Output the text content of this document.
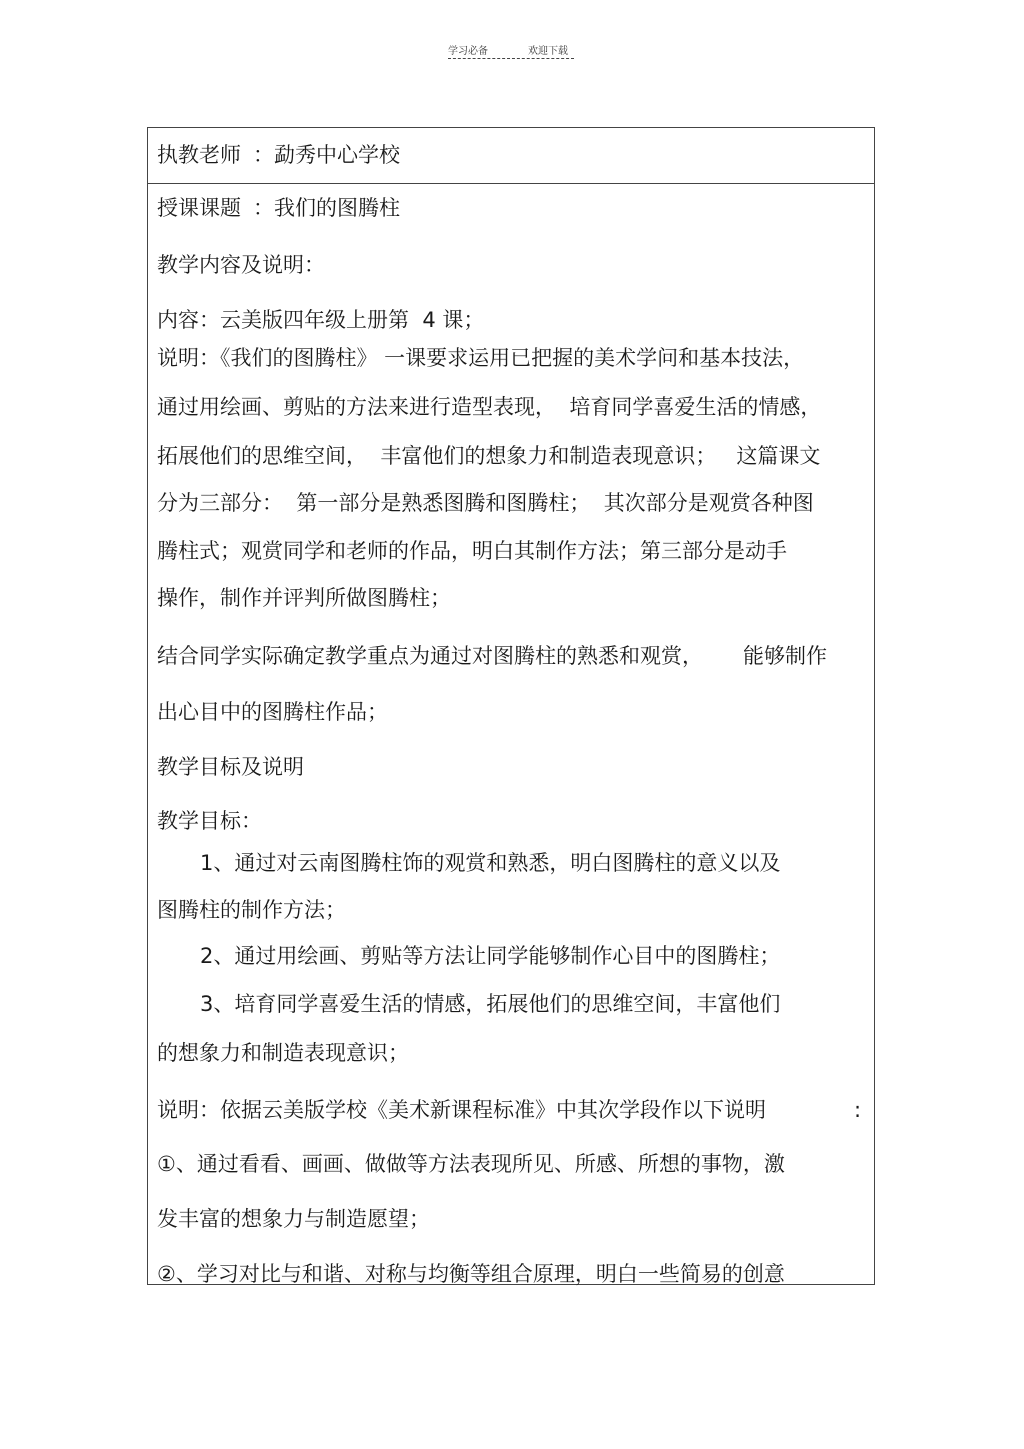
学习必备	欢迎下载
执教老师 ：勐秀中心学校
授课课题 ：我们的图腾柱
教学内容及说明：
内容：云美版四年级上册第  4 课；
说明：《我们的图腾柱》 一课要求运用已把握的美术学问和基本技法，
通过用绘画、剪贴的方法来进行造型表现，  培育同学喜爱生活的情感，
拓展他们的思维空间，  丰富他们的想象力和制造表现意识；   这篇课文
分为三部分：  第一部分是熟悉图腾和图腾柱；  其次部分是观赏各种图
腾柱式；观赏同学和老师的作品，明白其制作方法；第三部分是动手
操作，制作并评判所做图腾柱；
结合同学实际确定教学重点为通过对图腾柱的熟悉和观赏，      能够制作
出心目中的图腾柱作品；
教学目标及说明
教学目标：
1、通过对云南图腾柱饰的观赏和熟悉，明白图腾柱的意义以及
图腾柱的制作方法；
2、通过用绘画、剪贴等方法让同学能够制作心目中的图腾柱；
3、培育同学喜爱生活的情感，拓展他们的思维空间，丰富他们
的想象力和制造表现意识；
说明：依据云美版学校《美术新课程标准》中其次学段作以下说明	:
①、通过看看、画画、做做等方法表现所见、所感、所想的事物，激
发丰富的想象力与制造愿望；
②、学习对比与和谐、对称与均衡等组合原理，明白一些简易的创意
